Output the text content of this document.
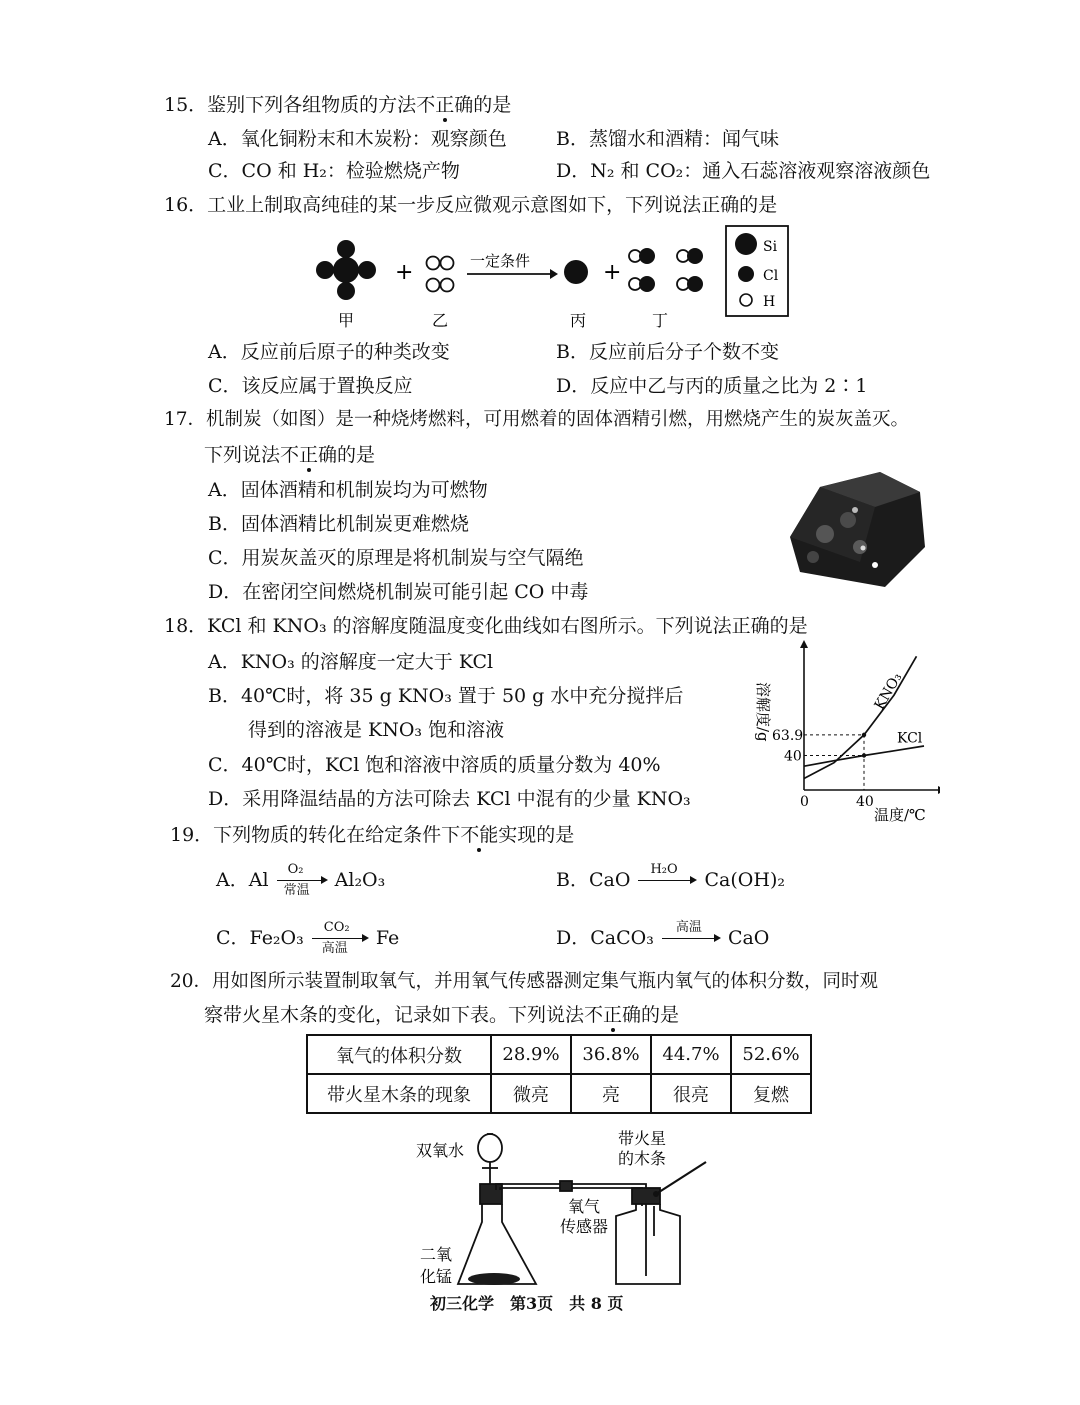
15．鉴别下列各组物质的方法不正确的是
A．氧化铜粉末和木炭粉：观察颜色	B．蒸馏水和酒精：闻气味
C．CO 和 H₂：检验燃烧产物	D．N₂ 和 CO₂：通入石蕊溶液观察溶液颜色
16．工业上制取高纯硅的某一步反应微观示意图如下，下列说法正确的是
+	一定条件	+
Si
Cl
H
甲	乙	丙	丁
A．反应前后原子的种类改变	B．反应前后分子个数不变
C．该反应属于置换反应	D．反应中乙与丙的质量之比为 2∶1
17．机制炭（如图）是一种烧烤燃料，可用燃着的固体酒精引燃，用燃烧产生的炭灰盖灭。
下列说法不正确的是
A．固体酒精和机制炭均为可燃物
B．固体酒精比机制炭更难燃烧
C．用炭灰盖灭的原理是将机制炭与空气隔绝
D．在密闭空间燃烧机制炭可能引起 CO 中毒
18．KCl 和 KNO₃ 的溶解度随温度变化曲线如右图所示。下列说法正确的是
A．KNO₃ 的溶解度一定大于 KCl
B．40℃时，将 35 g KNO₃ 置于 50 g 水中充分搅拌后
得到的溶液是 KNO₃ 饱和溶液
C．40℃时，KCl 饱和溶液中溶质的质量分数为 40%
D．采用降温结晶的方法可除去 KCl 中混有的少量 KNO₃
溶解度/g
温度/℃
0	40
40
63.9
KNO₃
KCl
19．下列物质的转化在给定条件下不能实现的是
A．Al O₂
常温 Al₂O₃	B．CaO H₂O Ca(OH)₂
C．Fe₂O₃ CO₂
高温 Fe	D．CaCO₃ 高温 CaO
20．用如图所示装置制取氧气，并用氧气传感器测定集气瓶内氧气的体积分数，同时观
察带火星木条的变化，记录如下表。下列说法不正确的是
氧气的体积分数	28.9%	36.8%	44.7%	52.6%
带火星木条的现象	微亮	亮	很亮	复燃
双氧水
带火星
的木条
氧气
传感器
二氧
化锰
初三化学　第3页　共 8 页
